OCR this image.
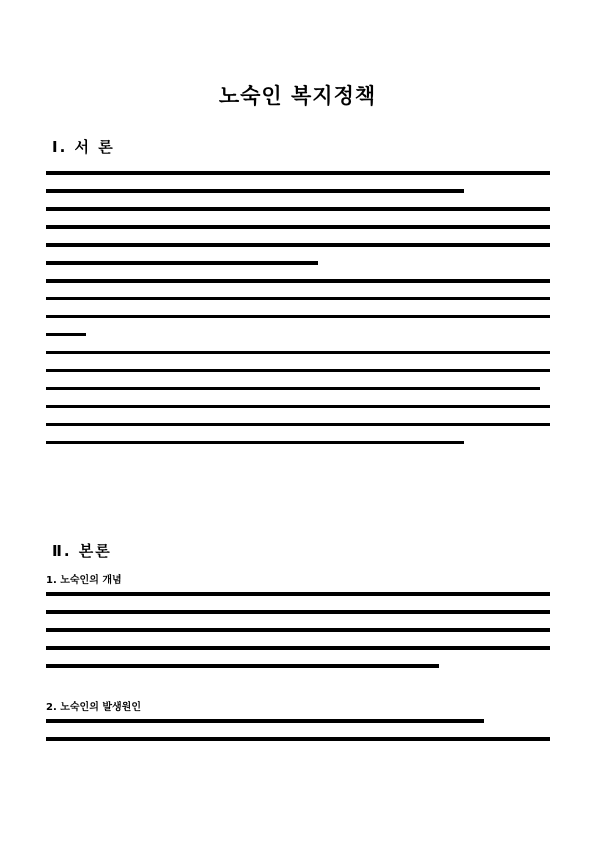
노숙인 복지정책
Ⅰ. 서 론
Ⅱ. 본론
1. 노숙인의 개념
2. 노숙인의 발생원인
